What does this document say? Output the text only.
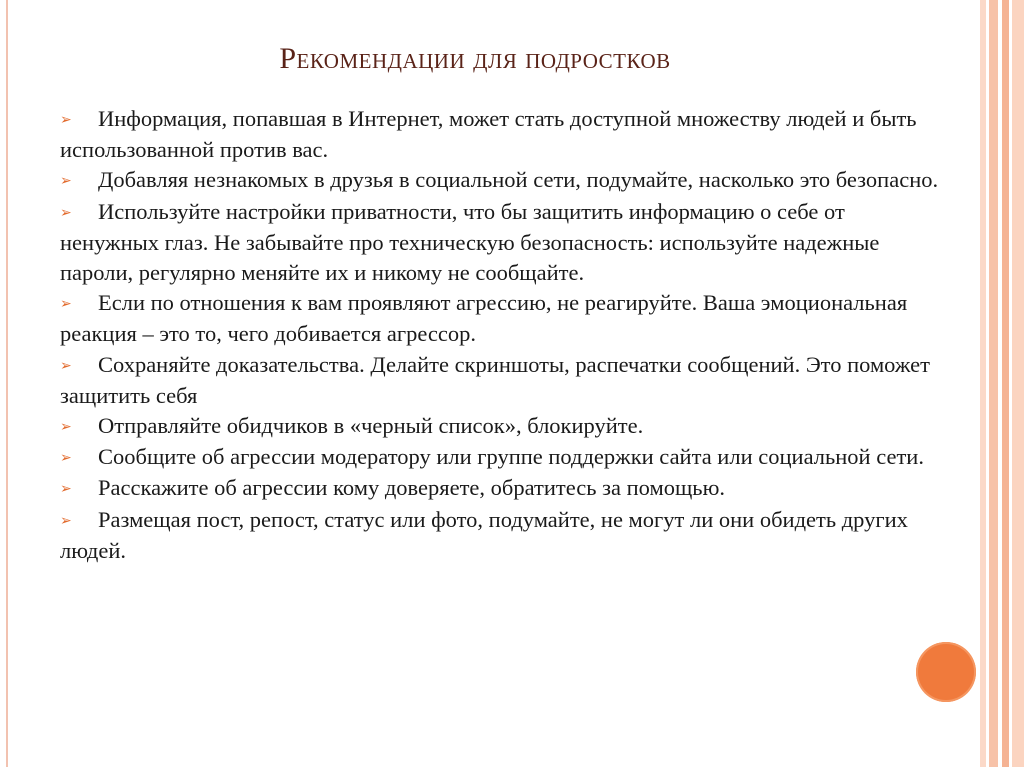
Рекомендации для подростков

➢ Информация, попавшая в Интернет, может стать доступной множеству людей и быть использованной против вас.

➢ Добавляя незнакомых в друзья в социальной сети, подумайте, насколько это безопасно.

➢ Используйте настройки приватности, что бы защитить информацию о себе от ненужных глаз. Не забывайте про техническую безопасность: используйте надежные пароли, регулярно меняйте их и никому не сообщайте.

➢ Если по отношения к вам проявляют агрессию, не реагируйте. Ваша эмоциональная реакция – это то, чего добивается агрессор.

➢ Сохраняйте доказательства. Делайте скриншоты, распечатки сообщений. Это поможет защитить себя

➢ Отправляйте обидчиков в «черный список», блокируйте.

➢ Сообщите об агрессии модератору или группе поддержки сайта или социальной сети.

➢ Расскажите об агрессии кому доверяете, обратитесь за помощью.

➢ Размещая пост, репост, статус или фото, подумайте, не могут ли они обидеть других людей.
